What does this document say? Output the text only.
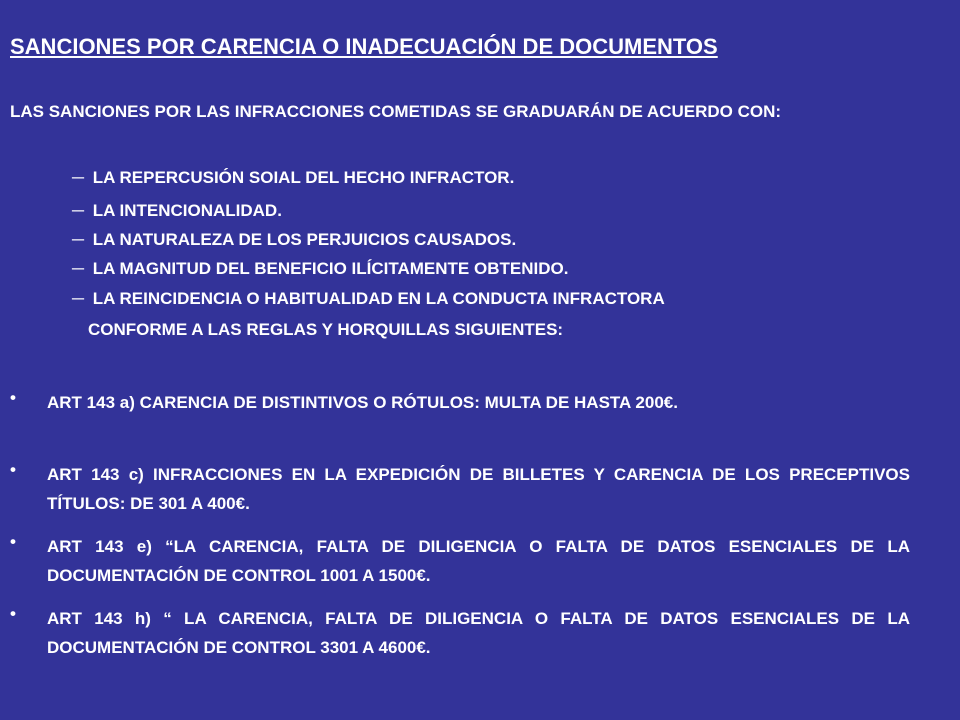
SANCIONES POR CARENCIA O INADECUACIÓN DE DOCUMENTOS
LAS SANCIONES POR LAS INFRACCIONES COMETIDAS SE GRADUARÁN DE ACUERDO CON:
─ LA REPERCUSIÓN SOIAL DEL HECHO INFRACTOR.
─ LA INTENCIONALIDAD.
─ LA NATURALEZA DE LOS PERJUICIOS CAUSADOS.
─ LA MAGNITUD DEL BENEFICIO ILÍCITAMENTE OBTENIDO.
─ LA REINCIDENCIA O HABITUALIDAD EN LA CONDUCTA INFRACTORA
CONFORME A LAS REGLAS Y HORQUILLAS SIGUIENTES:
• ART 143 a) CARENCIA DE DISTINTIVOS O RÓTULOS: MULTA DE HASTA 200€.
• ART 143 c) INFRACCIONES EN LA EXPEDICIÓN DE BILLETES Y CARENCIA DE LOS PRECEPTIVOS TÍTULOS: DE 301 A 400€.
• ART 143 e) “LA CARENCIA, FALTA DE DILIGENCIA O FALTA DE DATOS ESENCIALES DE LA DOCUMENTACIÓN DE CONTROL 1001 A 1500€.
• ART 143 h) “ LA CARENCIA, FALTA DE DILIGENCIA O FALTA DE DATOS ESENCIALES DE LA DOCUMENTACIÓN DE CONTROL 3301 A 4600€.
